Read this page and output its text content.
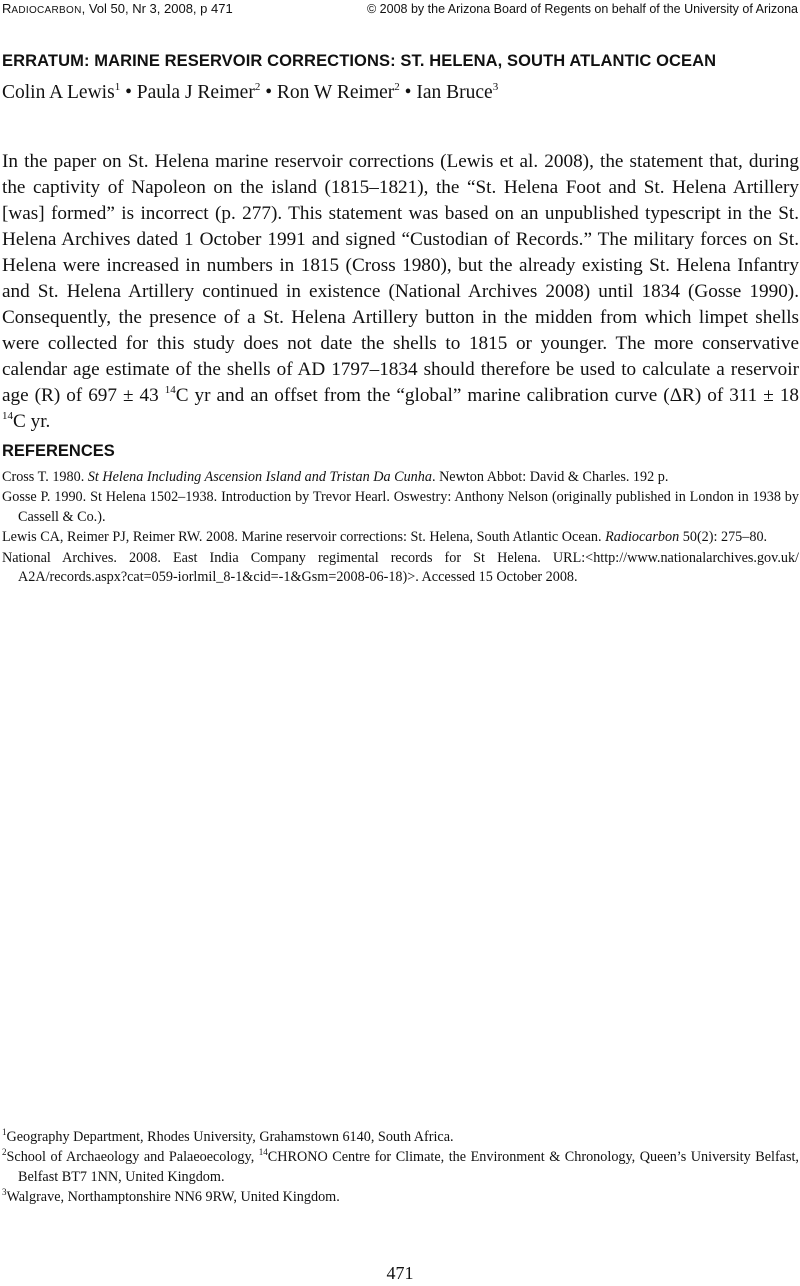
RADIOCARBON, Vol 50, Nr 3, 2008, p 471	© 2008 by the Arizona Board of Regents on behalf of the University of Arizona
ERRATUM: MARINE RESERVOIR CORRECTIONS: ST. HELENA, SOUTH ATLANTIC OCEAN
Colin A Lewis$^1$ • Paula J Reimer$^2$ • Ron W Reimer$^2$ • Ian Bruce$^3$
In the paper on St. Helena marine reservoir corrections (Lewis et al. 2008), the statement that, during the captivity of Napoleon on the island (1815–1821), the “St. Helena Foot and St. Helena Artillery [was] formed” is incorrect (p. 277). This statement was based on an unpublished typescript in the St. Helena Archives dated 1 October 1991 and signed “Custodian of Records.” The military forces on St. Helena were increased in numbers in 1815 (Cross 1980), but the already existing St. Helena Infantry and St. Helena Artillery continued in existence (National Archives 2008) until 1834 (Gosse 1990). Consequently, the presence of a St. Helena Artillery button in the midden from which limpet shells were collected for this study does not date the shells to 1815 or younger. The more conservative calendar age estimate of the shells of AD 1797–1834 should therefore be used to calculate a reservoir age (R) of 697 ± 43 $^{14}$C yr and an offset from the “global” marine calibration curve (ΔR) of 311 ± 18 $^{14}$C yr.
REFERENCES

Cross T. 1980. St Helena Including Ascension Island and Tristan Da Cunha. Newton Abbot: David & Charles. 192 p.

Gosse P. 1990. St Helena 1502–1938. Introduction by Trevor Hearl. Oswestry: Anthony Nelson (originally published in London in 1938 by Cassell & Co.).

Lewis CA, Reimer PJ, Reimer RW. 2008. Marine reservoir corrections: St. Helena, South Atlantic Ocean. Radiocarbon 50(2): 275–80.

National Archives. 2008. East India Company regimental records for St Helena. URL:<http://www.nationalarchives.gov.uk/ A2A/records.aspx?cat=059-iorlmil_8-1&cid=-1&Gsm=2008-06-18)>. Accessed 15 October 2008.

$^1$Geography Department, Rhodes University, Grahamstown 6140, South Africa.

$^2$School of Archaeology and Palaeoecology, $^{14}$CHRONO Centre for Climate, the Environment & Chronology, Queen’s University Belfast, Belfast BT7 1NN, United Kingdom.

$^3$Walgrave, Northamptonshire NN6 9RW, United Kingdom.

471
